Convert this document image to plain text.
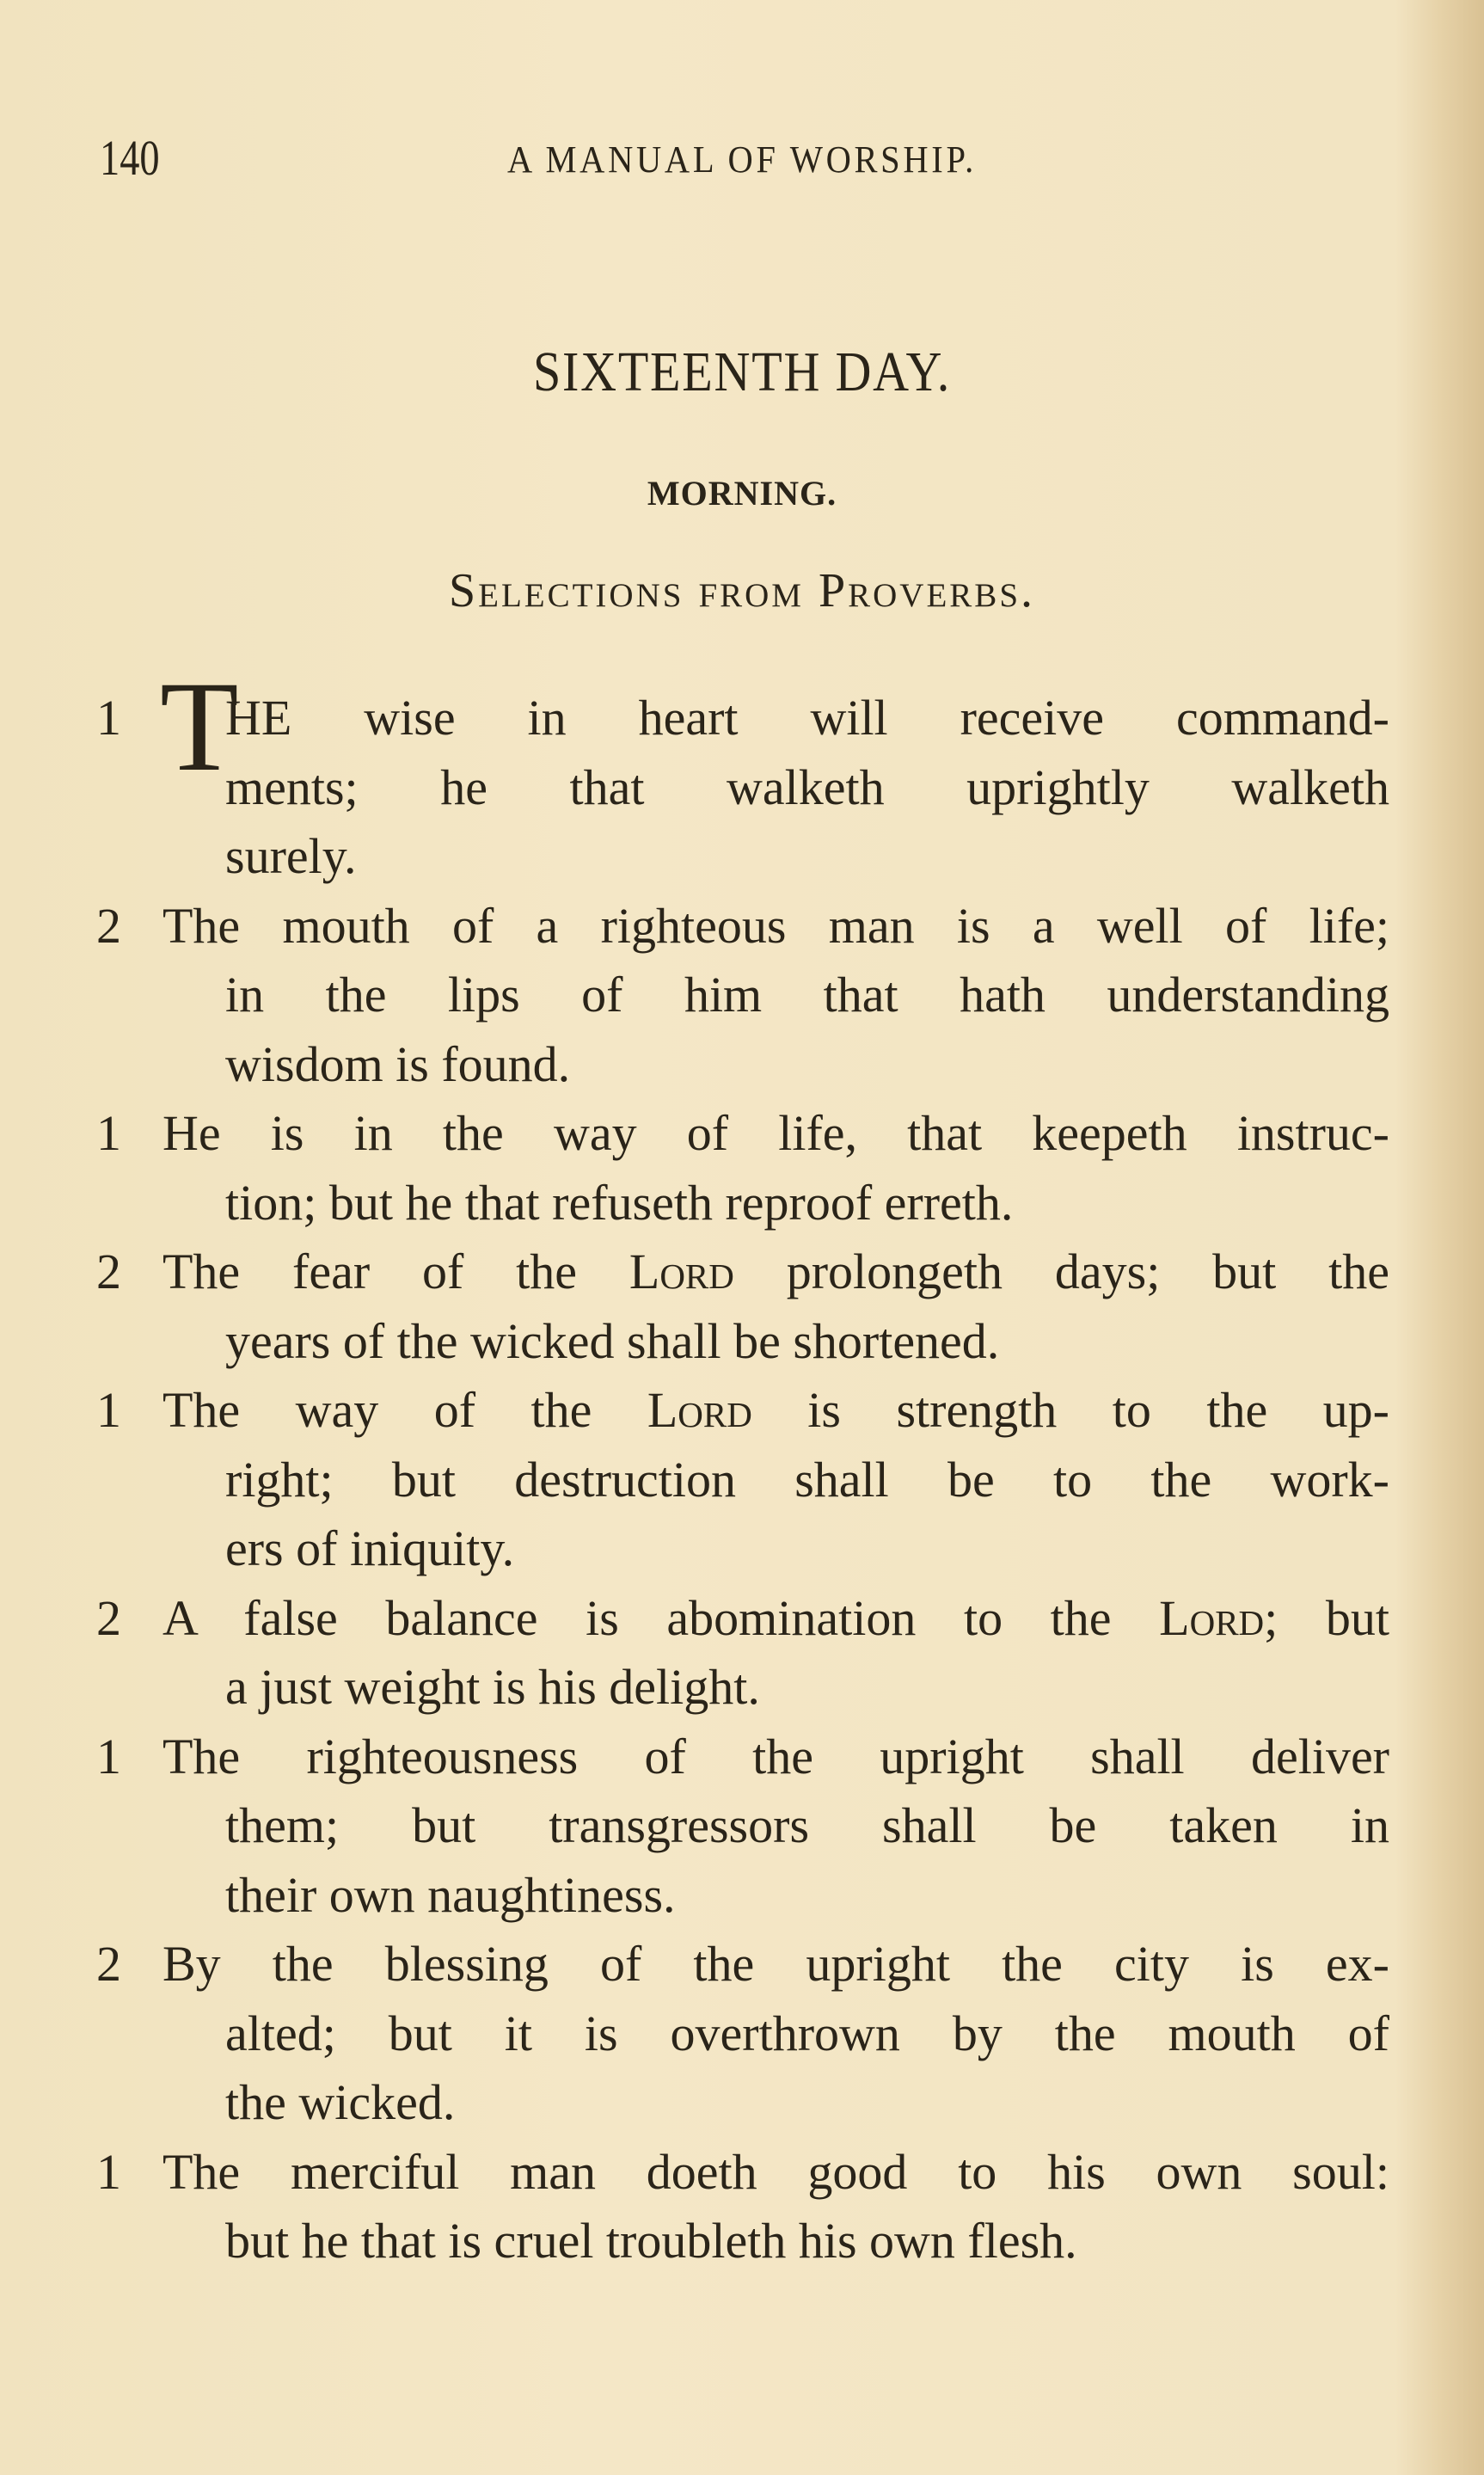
140	A MANUAL OF WORSHIP.
SIXTEENTH DAY.
MORNING.
Selections from Proverbs.
1 T
HE wise in heart will receive command-
ments; he that walketh uprightly walketh
surely.
2 The mouth of a righteous man is a well of life;
in the lips of him that hath understanding
wisdom is found.
1 He is in the way of life, that keepeth instruc-
tion; but he that refuseth reproof erreth.
2 The fear of the Lord prolongeth days; but the
years of the wicked shall be shortened.
1 The way of the Lord is strength to the up-
right; but destruction shall be to the work-
ers of iniquity.
2 A false balance is abomination to the Lord; but
a just weight is his delight.
1 The righteousness of the upright shall deliver
them; but transgressors shall be taken in
their own naughtiness.
2 By the blessing of the upright the city is ex-
alted; but it is overthrown by the mouth of
the wicked.
1 The merciful man doeth good to his own soul:
but he that is cruel troubleth his own flesh.
